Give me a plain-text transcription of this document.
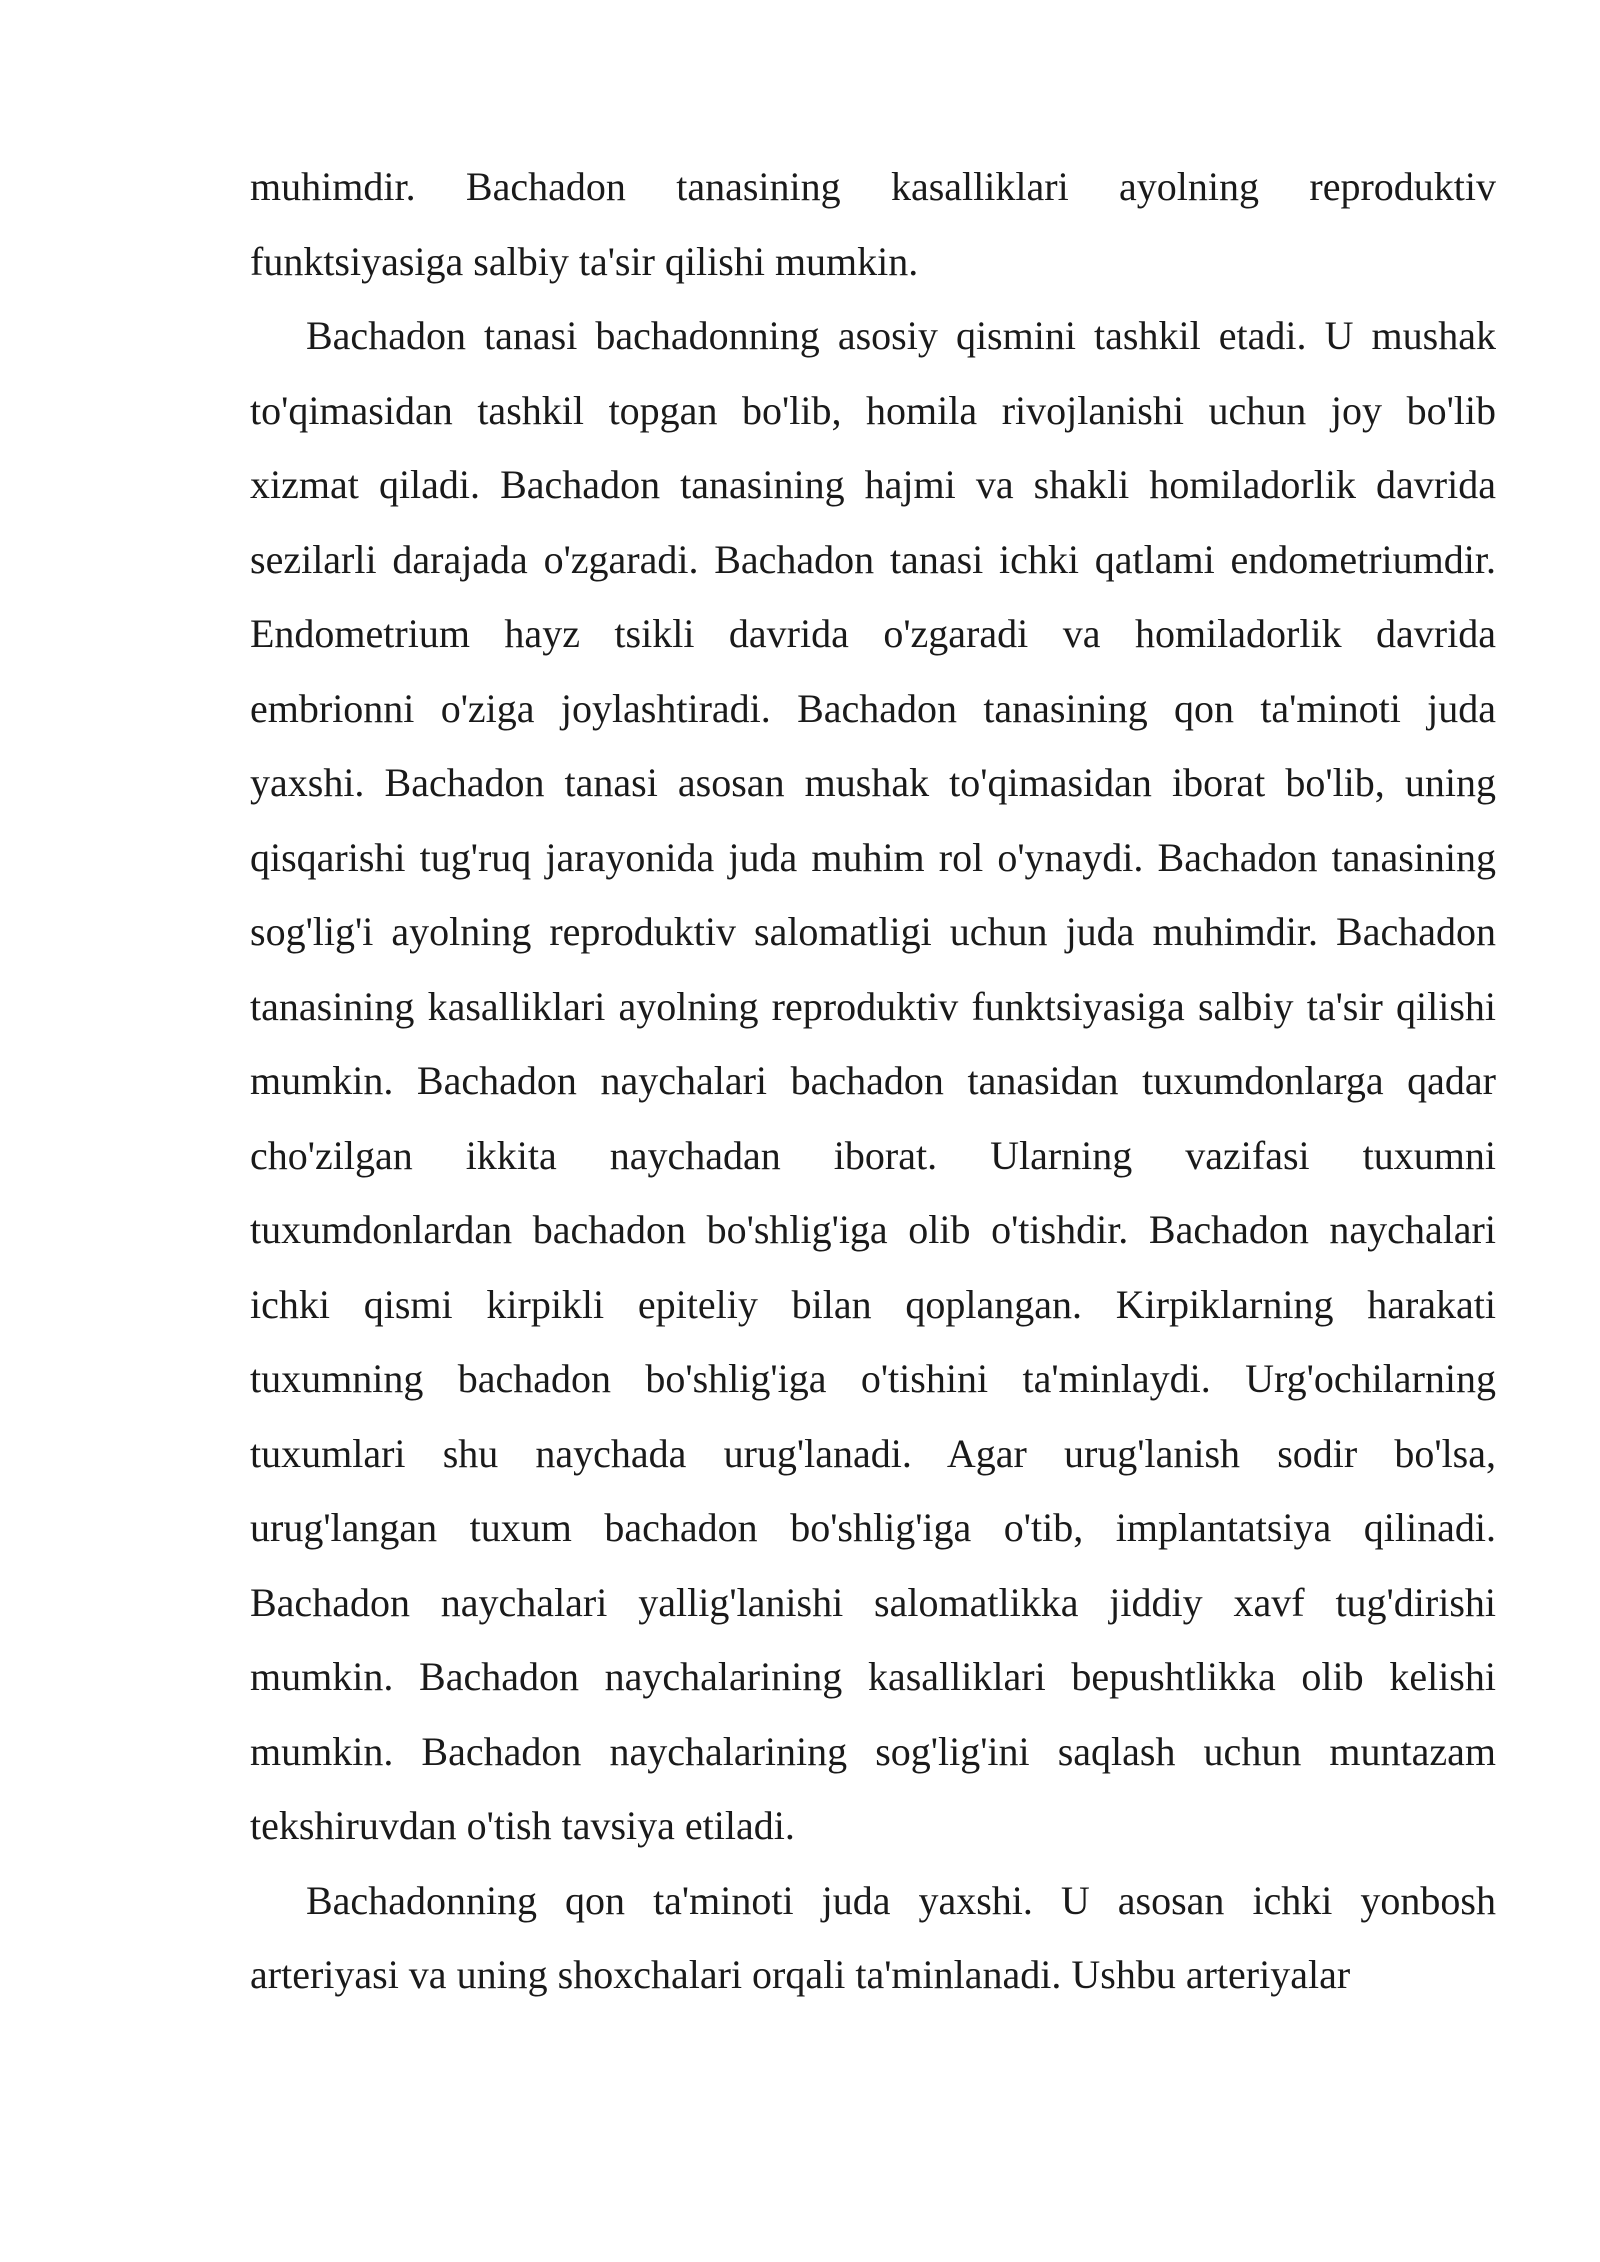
muhimdir. Bachadon tanasining kasalliklari ayolning reproduktiv funktsiyasiga salbiy ta'sir qilishi mumkin.

Bachadon tanasi bachadonning asosiy qismini tashkil etadi. U mushak to'qimasidan tashkil topgan bo'lib, homila rivojlanishi uchun joy bo'lib xizmat qiladi. Bachadon tanasining hajmi va shakli homiladorlik davrida sezilarli darajada o'zgaradi. Bachadon tanasi ichki qatlami endometriumdir. Endometrium hayz tsikli davrida o'zgaradi va homiladorlik davrida embrionni o'ziga joylashtiradi. Bachadon tanasining qon ta'minoti juda yaxshi. Bachadon tanasi asosan mushak to'qimasidan iborat bo'lib, uning qisqarishi tug'ruq jarayonida juda muhim rol o'ynaydi. Bachadon tanasining sog'lig'i ayolning reproduktiv salomatligi uchun juda muhimdir. Bachadon tanasining kasalliklari ayolning reproduktiv funktsiyasiga salbiy ta'sir qilishi mumkin. Bachadon naychalari bachadon tanasidan tuxumdonlarga qadar cho'zilgan ikkita naychadan iborat. Ularning vazifasi tuxumni tuxumdonlardan bachadon bo'shlig'iga olib o'tishdir. Bachadon naychalari ichki qismi kirpikli epiteliy bilan qoplangan. Kirpiklarning harakati tuxumning bachadon bo'shlig'iga o'tishini ta'minlaydi. Urg'ochilarning tuxumlari shu naychada urug'lanadi. Agar urug'lanish sodir bo'lsa, urug'langan tuxum bachadon bo'shlig'iga o'tib, implantatsiya qilinadi. Bachadon naychalari yallig'lanishi salomatlikka jiddiy xavf tug'dirishi mumkin. Bachadon naychalarining kasalliklari bepushtlikka olib kelishi mumkin. Bachadon naychalarining sog'lig'ini saqlash uchun muntazam tekshiruvdan o'tish tavsiya etiladi.

Bachadonning qon ta'minoti juda yaxshi. U asosan ichki yonbosh arteriyasi va uning shoxchalari orqali ta'minlanadi. Ushbu arteriyalar
